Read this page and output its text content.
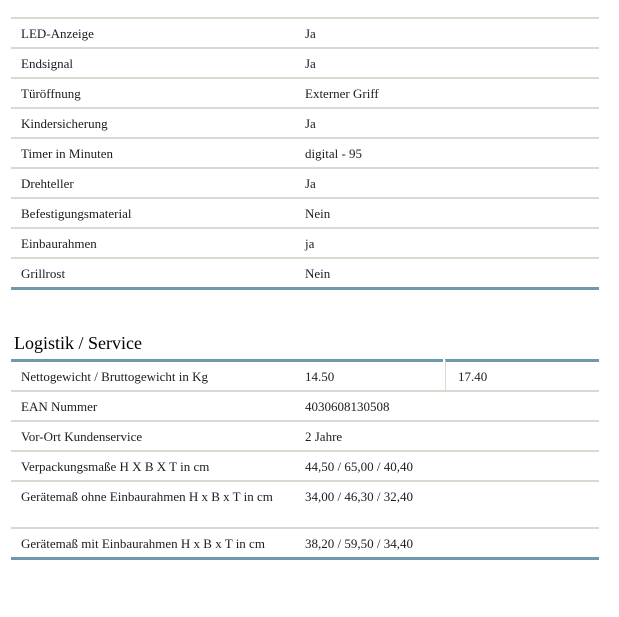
LED-Anzeige	Ja
Endsignal	Ja
Türöffnung	Externer Griff
Kindersicherung	Ja
Timer in Minuten	digital - 95
Drehteller	Ja
Befestigungsmaterial	Nein
Einbaurahmen	ja
Grillrost	Nein
Logistik / Service
Nettogewicht / Bruttogewicht in Kg	14.50	17.40
EAN Nummer	4030608130508
Vor-Ort Kundenservice	2 Jahre
Verpackungsmaße H X B X T in cm	44,50 / 65,00 / 40,40
Gerätemaß ohne Einbaurahmen H x B x T in cm	34,00 / 46,30 / 32,40
Gerätemaß mit Einbaurahmen H x B x T in cm	38,20 / 59,50 / 34,40
